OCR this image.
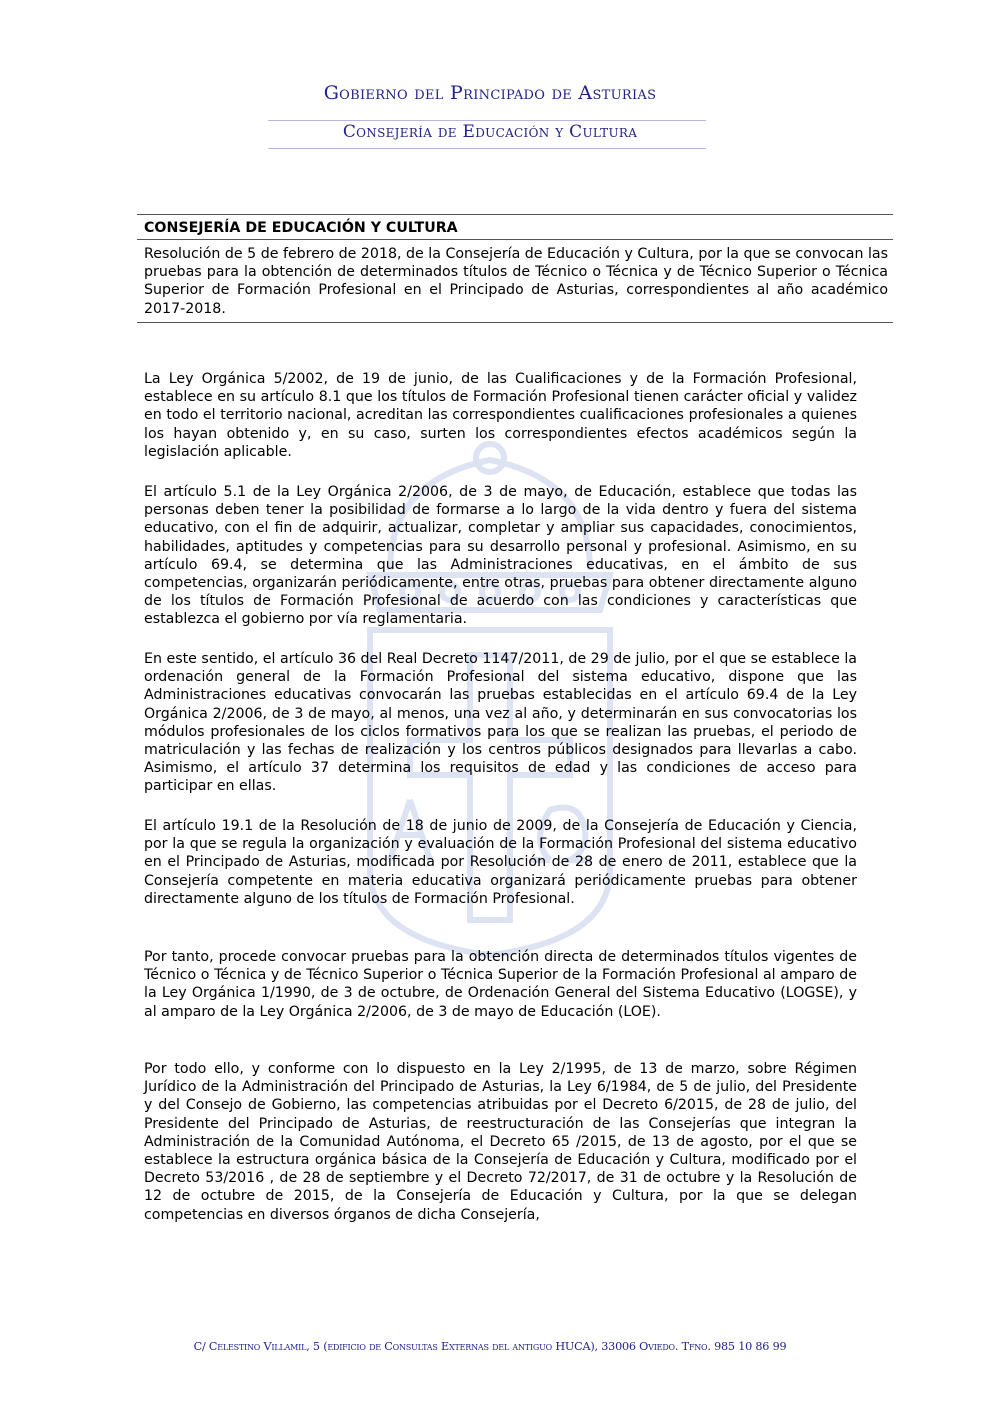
Gobierno del Principado de Asturias
Consejería de Educación y Cultura
CONSEJERÍA DE EDUCACIÓN Y CULTURA
Resolución de 5 de febrero de 2018, de la Consejería de Educación y Cultura, por la que se convocan las pruebas para la obtención de determinados títulos de Técnico o Técnica y de Técnico Superior o Técnica Superior de Formación Profesional en el Principado de Asturias, correspondientes al año académico 2017-2018.

La Ley Orgánica 5/2002, de 19 de junio, de las Cualificaciones y de la Formación Profesional, establece en su artículo 8.1 que los títulos de Formación Profesional tienen carácter oficial y validez en todo el territorio nacional, acreditan las correspondientes cualificaciones profesionales a quienes los hayan obtenido y, en su caso, surten los correspondientes efectos académicos según la legislación aplicable.

El artículo 5.1 de la Ley Orgánica 2/2006, de 3 de mayo, de Educación, establece que todas las personas deben tener la posibilidad de formarse a lo largo de la vida dentro y fuera del sistema educativo, con el fin de adquirir, actualizar, completar y ampliar sus capacidades, conocimientos, habilidades, aptitudes y competencias para su desarrollo personal y profesional. Asimismo, en su artículo 69.4, se determina que las Administraciones educativas, en el ámbito de sus competencias, organizarán periódicamente, entre otras, pruebas para obtener directamente alguno de los títulos de Formación Profesional de acuerdo con las condiciones y características que establezca el gobierno por vía reglamentaria.

En este sentido, el artículo 36 del Real Decreto 1147/2011, de 29 de julio, por el que se establece la ordenación general de la Formación Profesional del sistema educativo, dispone que las Administraciones educativas convocarán las pruebas establecidas en el artículo 69.4 de la Ley Orgánica 2/2006, de 3 de mayo, al menos, una vez al año, y determinarán en sus convocatorias los módulos profesionales de los ciclos formativos para los que se realizan las pruebas, el periodo de matriculación y las fechas de realización y los centros públicos designados para llevarlas a cabo. Asimismo, el artículo 37 determina los requisitos de edad y las condiciones de acceso para participar en ellas.

El artículo 19.1 de la Resolución de 18 de junio de 2009, de la Consejería de Educación y Ciencia, por la que se regula la organización y evaluación de la Formación Profesional del sistema educativo en el Principado de Asturias, modificada por Resolución de 28 de enero de 2011, establece que la Consejería competente en materia educativa organizará periódicamente pruebas para obtener directamente alguno de los títulos de Formación Profesional.

Por tanto, procede convocar pruebas para la obtención directa de determinados títulos vigentes de Técnico o Técnica y de Técnico Superior o Técnica Superior de la Formación Profesional al amparo de la Ley Orgánica 1/1990, de 3 de octubre, de Ordenación General del Sistema Educativo (LOGSE), y al amparo de la Ley Orgánica 2/2006, de 3 de mayo de Educación (LOE).

Por todo ello, y conforme con lo dispuesto en la Ley 2/1995, de 13 de marzo, sobre Régimen Jurídico de la Administración del Principado de Asturias, la Ley 6/1984, de 5 de julio, del Presidente y del Consejo de Gobierno, las competencias atribuidas por el Decreto 6/2015, de 28 de julio, del Presidente del Principado de Asturias, de reestructuración de las Consejerías que integran la Administración de la Comunidad Autónoma, el Decreto 65 /2015, de 13 de agosto, por el que se establece la estructura orgánica básica de la Consejería de Educación y Cultura, modificado por el Decreto 53/2016 , de 28 de septiembre y el Decreto 72/2017, de 31 de octubre y la Resolución de 12 de octubre de 2015, de la Consejería de Educación y Cultura, por la que se delegan competencias en diversos órganos de dicha Consejería,

C/ Celestino Villamil, 5 (edificio de Consultas Externas del antiguo HUCA), 33006 Oviedo. Tfno. 985 10 86 99
